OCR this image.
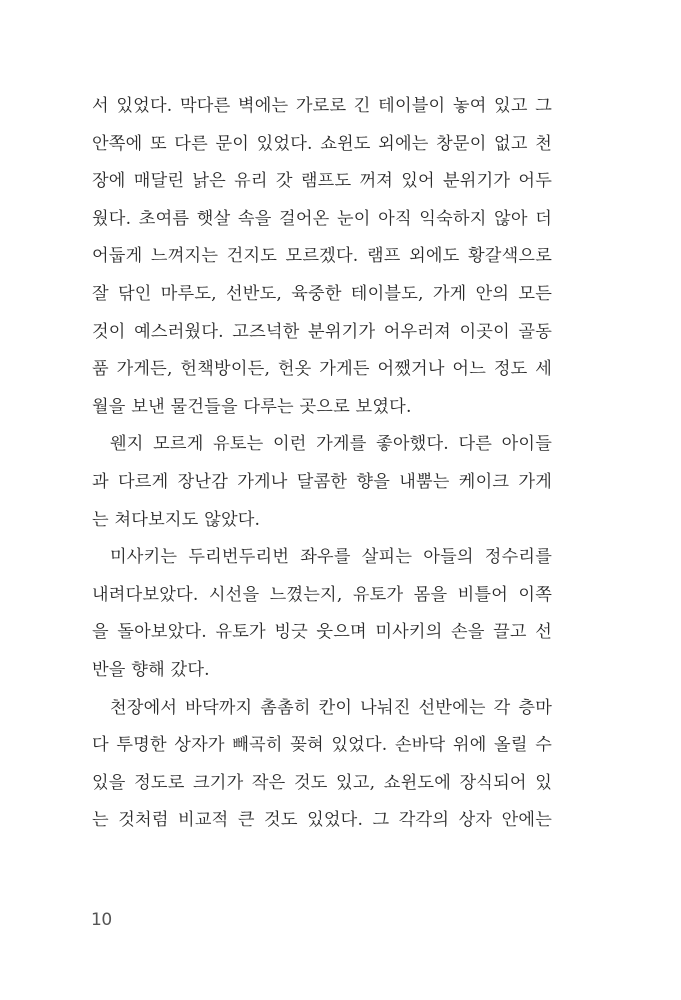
서 있었다. 막다른 벽에는 가로로 긴 테이블이 놓여 있고 그
안쪽에 또 다른 문이 있었다. 쇼윈도 외에는 창문이 없고 천
장에 매달린 낡은 유리 갓 램프도 꺼져 있어 분위기가 어두
웠다. 초여름 햇살 속을 걸어온 눈이 아직 익숙하지 않아 더
어둡게 느껴지는 건지도 모르겠다. 램프 외에도 황갈색으로
잘 닦인 마루도, 선반도, 육중한 테이블도, 가게 안의 모든
것이 예스러웠다. 고즈넉한 분위기가 어우러져 이곳이 골동
품 가게든, 헌책방이든, 헌옷 가게든 어쨌거나 어느 정도 세
월을 보낸 물건들을 다루는 곳으로 보였다.
웬지 모르게 유토는 이런 가게를 좋아했다. 다른 아이들
과 다르게 장난감 가게나 달콤한 향을 내뿜는 케이크 가게
는 쳐다보지도 않았다.
미사키는 두리번두리번 좌우를 살피는 아들의 정수리를
내려다보았다. 시선을 느꼈는지, 유토가 몸을 비틀어 이쪽
을 돌아보았다. 유토가 빙긋 웃으며 미사키의 손을 끌고 선
반을 향해 갔다.
천장에서 바닥까지 촘촘히 칸이 나눠진 선반에는 각 층마
다 투명한 상자가 빼곡히 꽂혀 있었다. 손바닥 위에 올릴 수
있을 정도로 크기가 작은 것도 있고, 쇼윈도에 장식되어 있
는 것처럼 비교적 큰 것도 있었다. 그 각각의 상자 안에는
10
